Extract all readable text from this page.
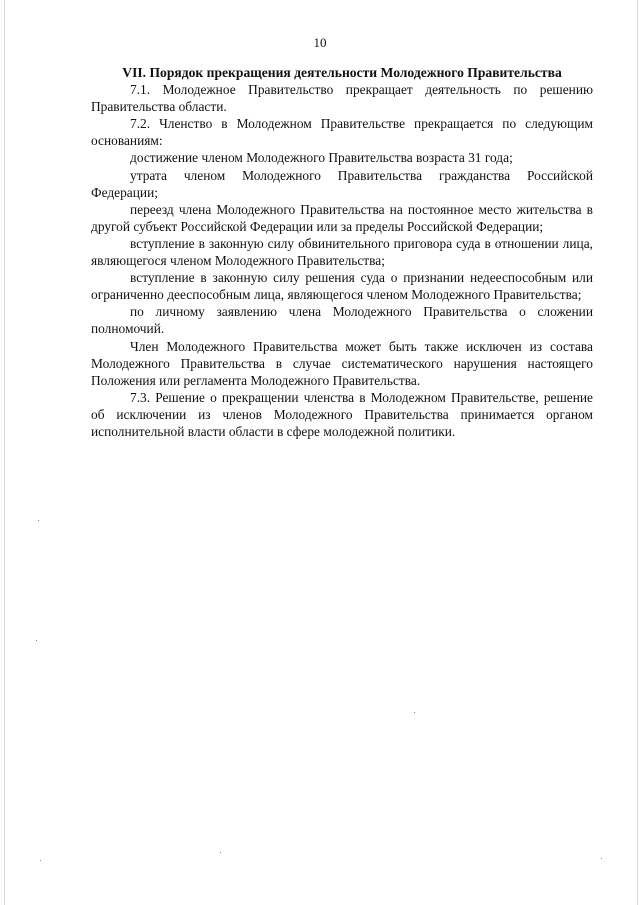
10

VII. Порядок прекращения деятельности Молодежного Правительства

7.1. Молодежное Правительство прекращает деятельность по решению Правительства области.

7.2. Членство в Молодежном Правительстве прекращается по следующим основаниям:

достижение членом Молодежного Правительства возраста 31 года;

утрата членом Молодежного Правительства гражданства Российской Федерации;

переезд члена Молодежного Правительства на постоянное место жительства в другой субъект Российской Федерации или за пределы Российской Федерации;

вступление в законную силу обвинительного приговора суда в отношении лица, являющегося членом Молодежного Правительства;

вступление в законную силу решения суда о признании недееспособным или ограниченно дееспособным лица, являющегося членом Молодежного Правительства;

по личному заявлению члена Молодежного Правительства о сложении полномочий.

Член Молодежного Правительства может быть также исключен из состава Молодежного Правительства в случае систематического нарушения настоящего Положения или регламента Молодежного Правительства.

7.3. Решение о прекращении членства в Молодежном Правительстве, решение об исключении из членов Молодежного Правительства принимается органом исполнительной власти области в сфере молодежной политики.
